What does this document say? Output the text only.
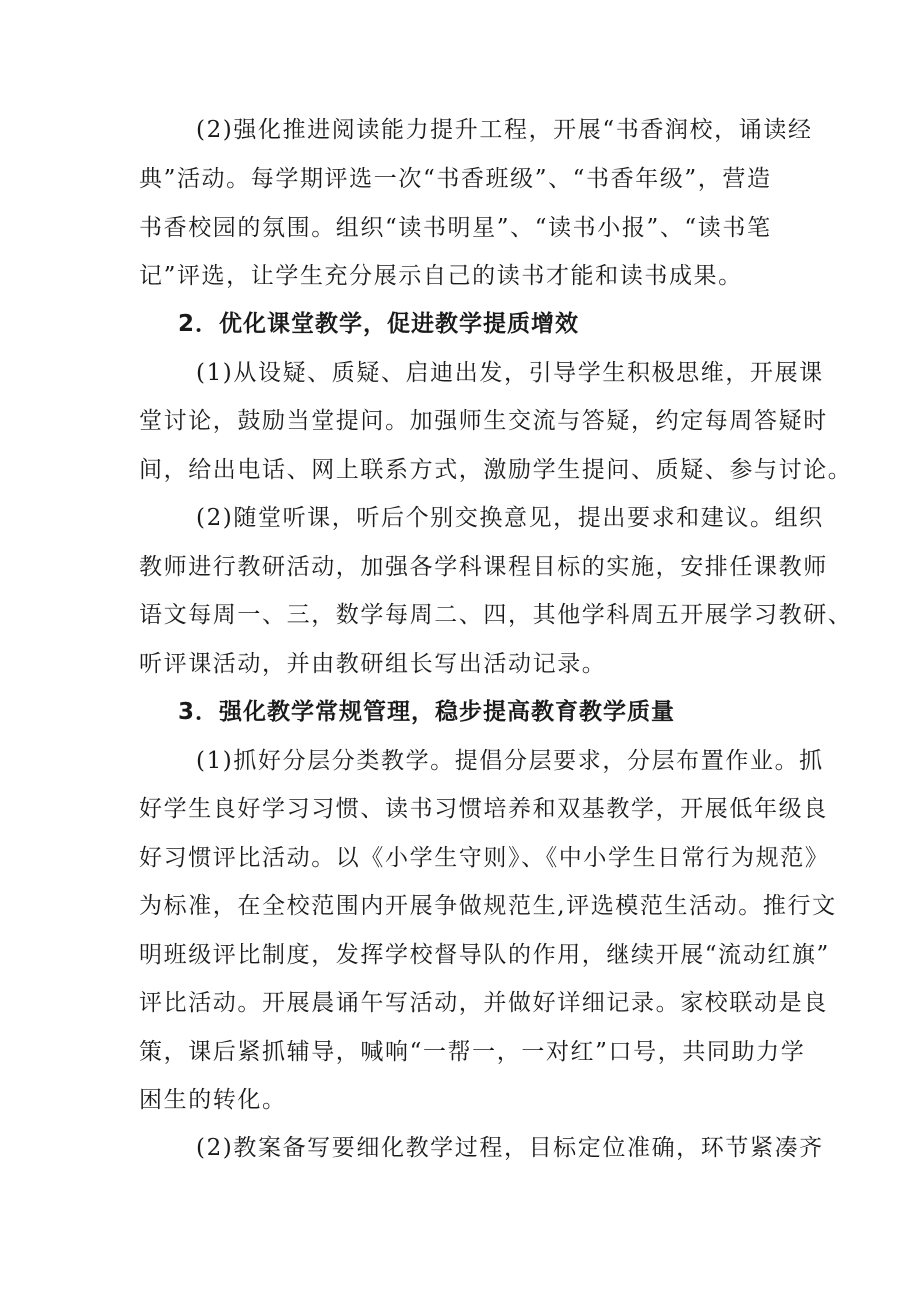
(2)强化推进阅读能力提升工程，开展“书香润校，诵读经
典”活动。每学期评选一次“书香班级”、“书香年级”，营造
书香校园的氛围。组织“读书明星”、“读书小报”、“读书笔
记”评选，让学生充分展示自己的读书才能和读书成果。
2．优化课堂教学，促进教学提质增效
(1)从设疑、质疑、启迪出发，引导学生积极思维，开展课
堂讨论，鼓励当堂提问。加强师生交流与答疑，约定每周答疑时
间，给出电话、网上联系方式，激励学生提问、质疑、参与讨论。
(2)随堂听课，听后个别交换意见，提出要求和建议。组织
教师进行教研活动，加强各学科课程目标的实施，安排任课教师
语文每周一、三，数学每周二、四，其他学科周五开展学习教研、
听评课活动，并由教研组长写出活动记录。
3．强化教学常规管理，稳步提高教育教学质量
(1)抓好分层分类教学。提倡分层要求，分层布置作业。抓
好学生良好学习习惯、读书习惯培养和双基教学，开展低年级良
好习惯评比活动。以《小学生守则》、《中小学生日常行为规范》
为标准，在全校范围内开展争做规范生,评选模范生活动。推行文
明班级评比制度，发挥学校督导队的作用，继续开展“流动红旗”
评比活动。开展晨诵午写活动，并做好详细记录。家校联动是良
策，课后紧抓辅导，喊响“一帮一，一对红”口号，共同助力学
困生的转化。
(2)教案备写要细化教学过程，目标定位准确，环节紧凑齐
